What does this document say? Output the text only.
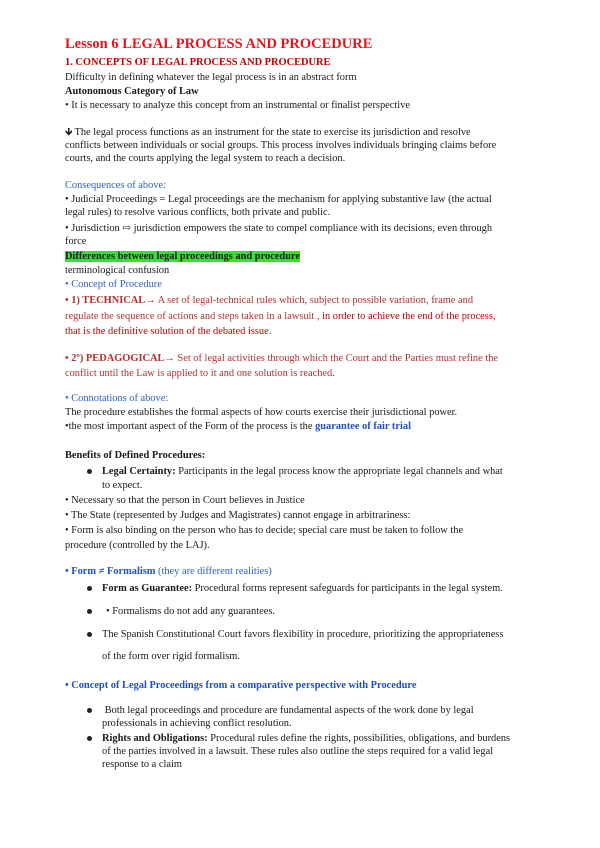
Lesson 6 LEGAL PROCESS AND PROCEDURE
1. CONCEPTS OF LEGAL PROCESS AND PROCEDURE
Difficulty in defining whatever the legal process is in an abstract form
Autonomous Category of Law
• It is necessary to analyze this concept from an instrumental or finalist perspective
🡻 The legal process functions as an instrument for the state to exercise its jurisdiction and resolve
conflicts between individuals or social groups. This process involves individuals bringing claims before
courts, and the courts applying the legal system to reach a decision.
Consequences of above:
• Judicial Proceedings = Legal proceedings are the mechanism for applying substantive law (the actual
legal rules) to resolve various conflicts, both private and public.
• Jurisdiction ⇨ jurisdiction empowers the state to compel compliance with its decisions, even through
force
Differences between legal proceedings and procedure
terminological confusion
• Concept of Procedure
• 1) TECHNICAL→ A set of legal-technical rules which, subject to possible variation, frame and
regulate the sequence of actions and steps taken in a lawsuit , in order to achieve the end of the process,
that is the definitive solution of the debated issue.
• 2º) PEDAGOGICAL→ Set of legal activities through which the Court and the Parties must refine the
conflict until the Law is applied to it and one solution is reached.
• Connotations of above:
The procedure establishes the formal aspects of how courts exercise their jurisdictional power.
•the most important aspect of the Form of the process is the guarantee of fair trial
Benefits of Defined Procedures:
Legal Certainty: Participants in the legal process know the appropriate legal channels and what
to expect.
• Necessary so that the person in Court believes in Justice
• The State (represented by Judges and Magistrates) cannot engage in arbitrariness:
• Form is also binding on the person who has to decide; special care must be taken to follow the
procedure (controlled by the LAJ).
• Form ≠ Formalism (they are different realities)
Form as Guarantee: Procedural forms represent safeguards for participants in the legal system.
• Formalisms do not add any guarantees.
The Spanish Constitutional Court favors flexibility in procedure, prioritizing the appropriateness
of the form over rigid formalism.
• Concept of Legal Proceedings from a comparative perspective with Procedure
Both legal proceedings and procedure are fundamental aspects of the work done by legal
professionals in achieving conflict resolution.
Rights and Obligations: Procedural rules define the rights, possibilities, obligations, and burdens
of the parties involved in a lawsuit. These rules also outline the steps required for a valid legal
response to a claim
